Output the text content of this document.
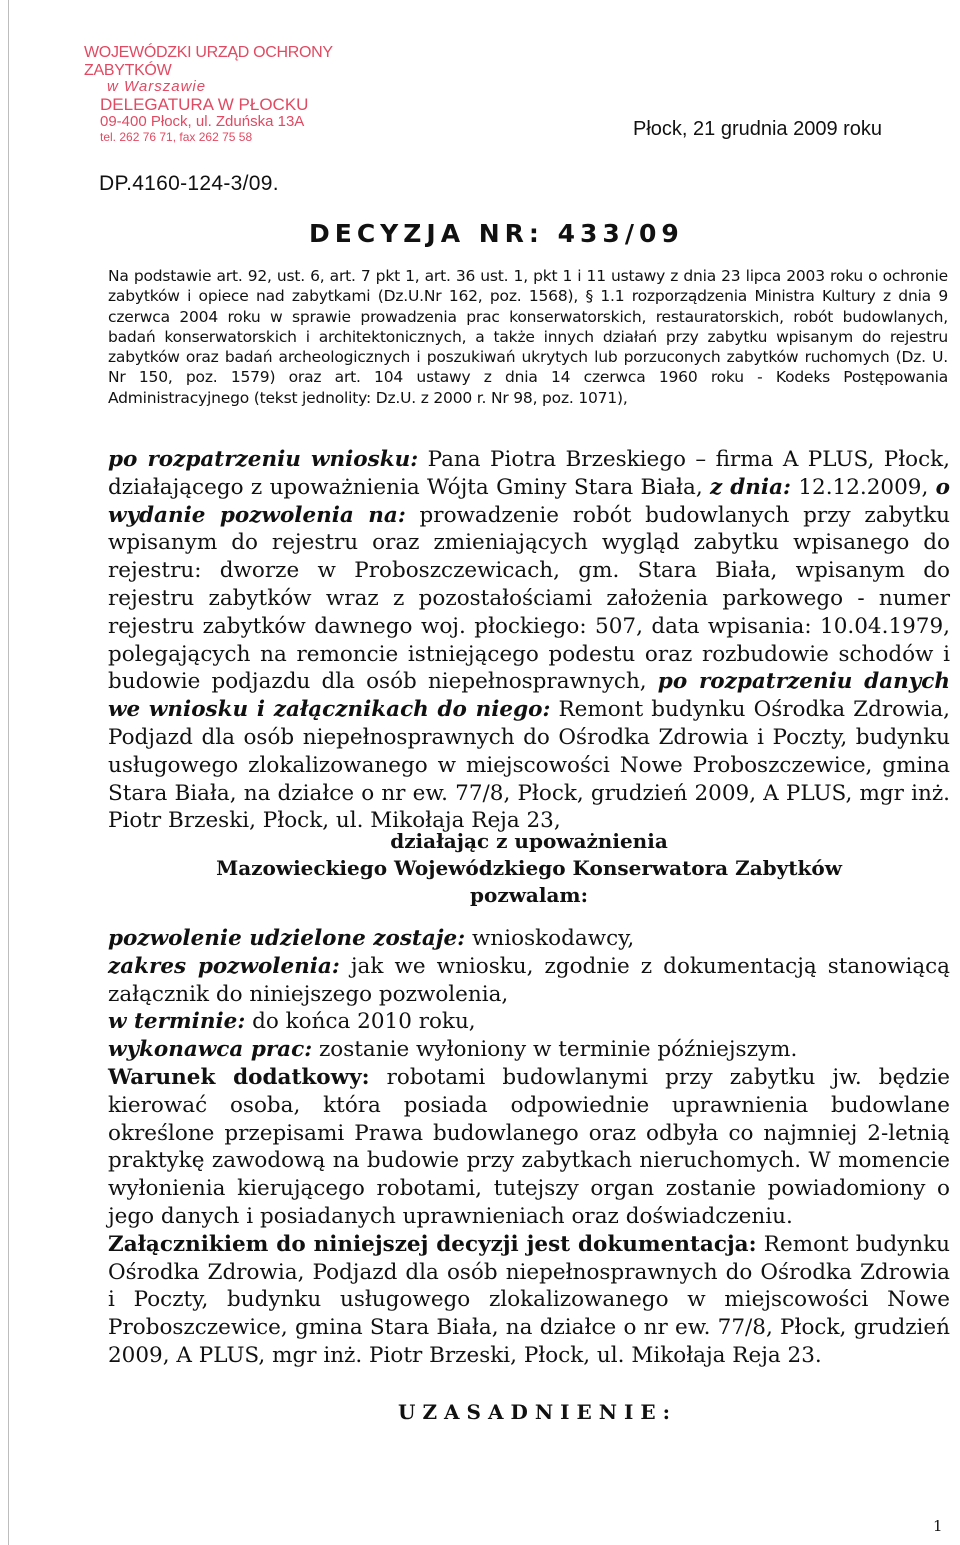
WOJEWÓDZKI URZĄD OCHRONY ZABYTKÓW
w Warszawie
DELEGATURA W PŁOCKU
09-400 Płock, ul. Zduńska 13A
tel. 262 76 71, fax 262 75 58	Płock, 21 grudnia 2009 roku
DP.4160-124-3/09.
DECYZJA NR: 433/09
Na podstawie art. 92, ust. 6, art. 7 pkt 1, art. 36 ust. 1, pkt 1 i 11 ustawy z dnia 23 lipca 2003 roku o ochronie zabytków i opiece nad zabytkami (Dz.U.Nr 162, poz. 1568), § 1.1 rozporządzenia Ministra Kultury z dnia 9 czerwca 2004 roku w sprawie prowadzenia prac konserwatorskich, restauratorskich, robót budowlanych, badań konserwatorskich i architektonicznych, a także innych działań przy zabytku wpisanym do rejestru zabytków oraz badań archeologicznych i poszukiwań ukrytych lub porzuconych zabytków ruchomych (Dz. U. Nr 150, poz. 1579) oraz art. 104 ustawy z dnia 14 czerwca 1960 roku - Kodeks Postępowania Administracyjnego (tekst jednolity: Dz.U. z 2000 r. Nr 98, poz. 1071),
po rozpatrzeniu wniosku: Pana Piotra Brzeskiego – firma A PLUS, Płock, działającego z upoważnienia Wójta Gminy Stara Biała, z dnia: 12.12.2009, o wydanie pozwolenia na: prowadzenie robót budowlanych przy zabytku wpisanym do rejestru oraz zmieniających wygląd zabytku wpisanego do rejestru: dworze w Proboszczewicach, gm. Stara Biała, wpisanym do rejestru zabytków wraz z pozostałościami założenia parkowego - numer rejestru zabytków dawnego woj. płockiego: 507, data wpisania: 10.04.1979, polegających na remoncie istniejącego podestu oraz rozbudowie schodów i budowie podjazdu dla osób niepełnosprawnych, po rozpatrzeniu danych we wniosku i załącznikach do niego: Remont budynku Ośrodka Zdrowia, Podjazd dla osób niepełnosprawnych do Ośrodka Zdrowia i Poczty, budynku usługowego zlokalizowanego w miejscowości Nowe Proboszczewice, gmina Stara Biała, na działce o nr ew. 77/8, Płock, grudzień 2009, A PLUS, mgr inż. Piotr Brzeski, Płock, ul. Mikołaja Reja 23,
działając z upoważnienia
Mazowieckiego Wojewódzkiego Konserwatora Zabytków
pozwalam:

pozwolenie udzielone zostaje: wnioskodawcy,

zakres pozwolenia: jak we wniosku, zgodnie z dokumentacją stanowiącą załącznik do niniejszego pozwolenia,

w terminie: do końca 2010 roku,

wykonawca prac: zostanie wyłoniony w terminie późniejszym.

Warunek dodatkowy: robotami budowlanymi przy zabytku jw. będzie kierować osoba, która posiada odpowiednie uprawnienia budowlane określone przepisami Prawa budowlanego oraz odbyła co najmniej 2-letnią praktykę zawodową na budowie przy zabytkach nieruchomych. W momencie wyłonienia kierującego robotami, tutejszy organ zostanie powiadomiony o jego danych i posiadanych uprawnieniach oraz doświadczeniu.

Załącznikiem do niniejszej decyzji jest dokumentacja: Remont budynku Ośrodka Zdrowia, Podjazd dla osób niepełnosprawnych do Ośrodka Zdrowia i Poczty, budynku usługowego zlokalizowanego w miejscowości Nowe Proboszczewice, gmina Stara Biała, na działce o nr ew. 77/8, Płock, grudzień 2009, A PLUS, mgr inż. Piotr Brzeski, Płock, ul. Mikołaja Reja 23.

UZASADNIENIE:
1
